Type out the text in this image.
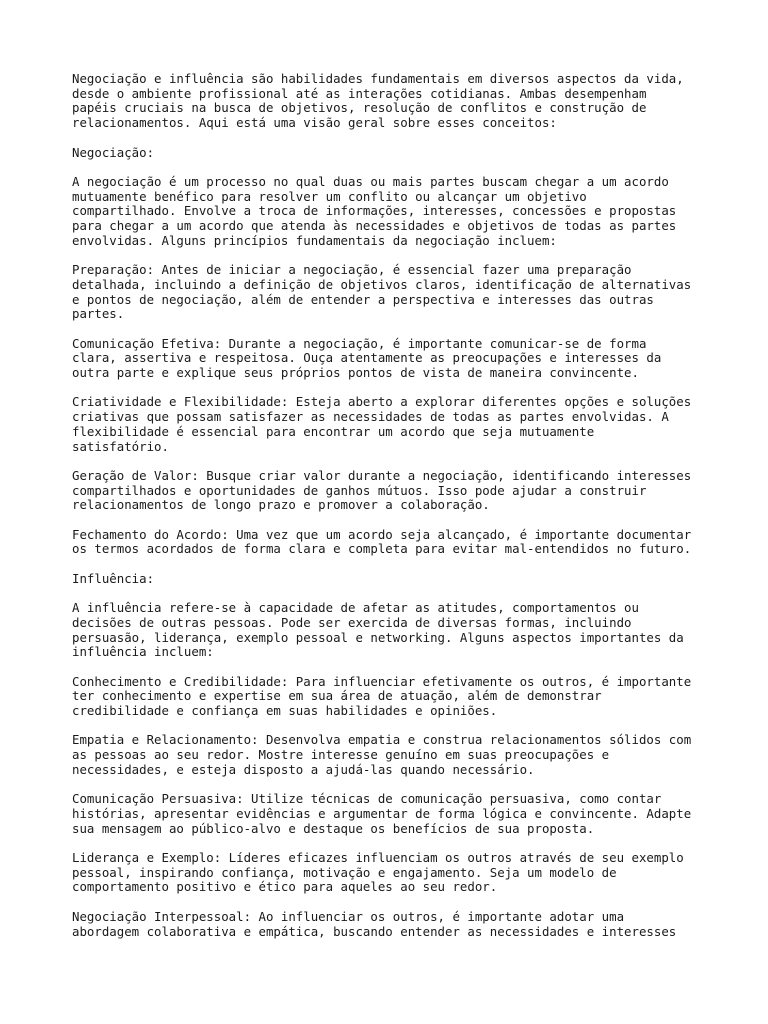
Negociação e influência são habilidades fundamentais em diversos aspectos da vida,
desde o ambiente profissional até as interações cotidianas. Ambas desempenham
papéis cruciais na busca de objetivos, resolução de conflitos e construção de
relacionamentos. Aqui está uma visão geral sobre esses conceitos:

Negociação:

A negociação é um processo no qual duas ou mais partes buscam chegar a um acordo
mutuamente benéfico para resolver um conflito ou alcançar um objetivo
compartilhado. Envolve a troca de informações, interesses, concessões e propostas
para chegar a um acordo que atenda às necessidades e objetivos de todas as partes
envolvidas. Alguns princípios fundamentais da negociação incluem:

Preparação: Antes de iniciar a negociação, é essencial fazer uma preparação
detalhada, incluindo a definição de objetivos claros, identificação de alternativas
e pontos de negociação, além de entender a perspectiva e interesses das outras
partes.

Comunicação Efetiva: Durante a negociação, é importante comunicar-se de forma
clara, assertiva e respeitosa. Ouça atentamente as preocupações e interesses da
outra parte e explique seus próprios pontos de vista de maneira convincente.

Criatividade e Flexibilidade: Esteja aberto a explorar diferentes opções e soluções
criativas que possam satisfazer as necessidades de todas as partes envolvidas. A
flexibilidade é essencial para encontrar um acordo que seja mutuamente
satisfatório.

Geração de Valor: Busque criar valor durante a negociação, identificando interesses
compartilhados e oportunidades de ganhos mútuos. Isso pode ajudar a construir
relacionamentos de longo prazo e promover a colaboração.

Fechamento do Acordo: Uma vez que um acordo seja alcançado, é importante documentar
os termos acordados de forma clara e completa para evitar mal-entendidos no futuro.

Influência:

A influência refere-se à capacidade de afetar as atitudes, comportamentos ou
decisões de outras pessoas. Pode ser exercida de diversas formas, incluindo
persuasão, liderança, exemplo pessoal e networking. Alguns aspectos importantes da
influência incluem:

Conhecimento e Credibilidade: Para influenciar efetivamente os outros, é importante
ter conhecimento e expertise em sua área de atuação, além de demonstrar
credibilidade e confiança em suas habilidades e opiniões.

Empatia e Relacionamento: Desenvolva empatia e construa relacionamentos sólidos com
as pessoas ao seu redor. Mostre interesse genuíno em suas preocupações e
necessidades, e esteja disposto a ajudá-las quando necessário.

Comunicação Persuasiva: Utilize técnicas de comunicação persuasiva, como contar
histórias, apresentar evidências e argumentar de forma lógica e convincente. Adapte
sua mensagem ao público-alvo e destaque os benefícios de sua proposta.

Liderança e Exemplo: Líderes eficazes influenciam os outros através de seu exemplo
pessoal, inspirando confiança, motivação e engajamento. Seja um modelo de
comportamento positivo e ético para aqueles ao seu redor.

Negociação Interpessoal: Ao influenciar os outros, é importante adotar uma
abordagem colaborativa e empática, buscando entender as necessidades e interesses
